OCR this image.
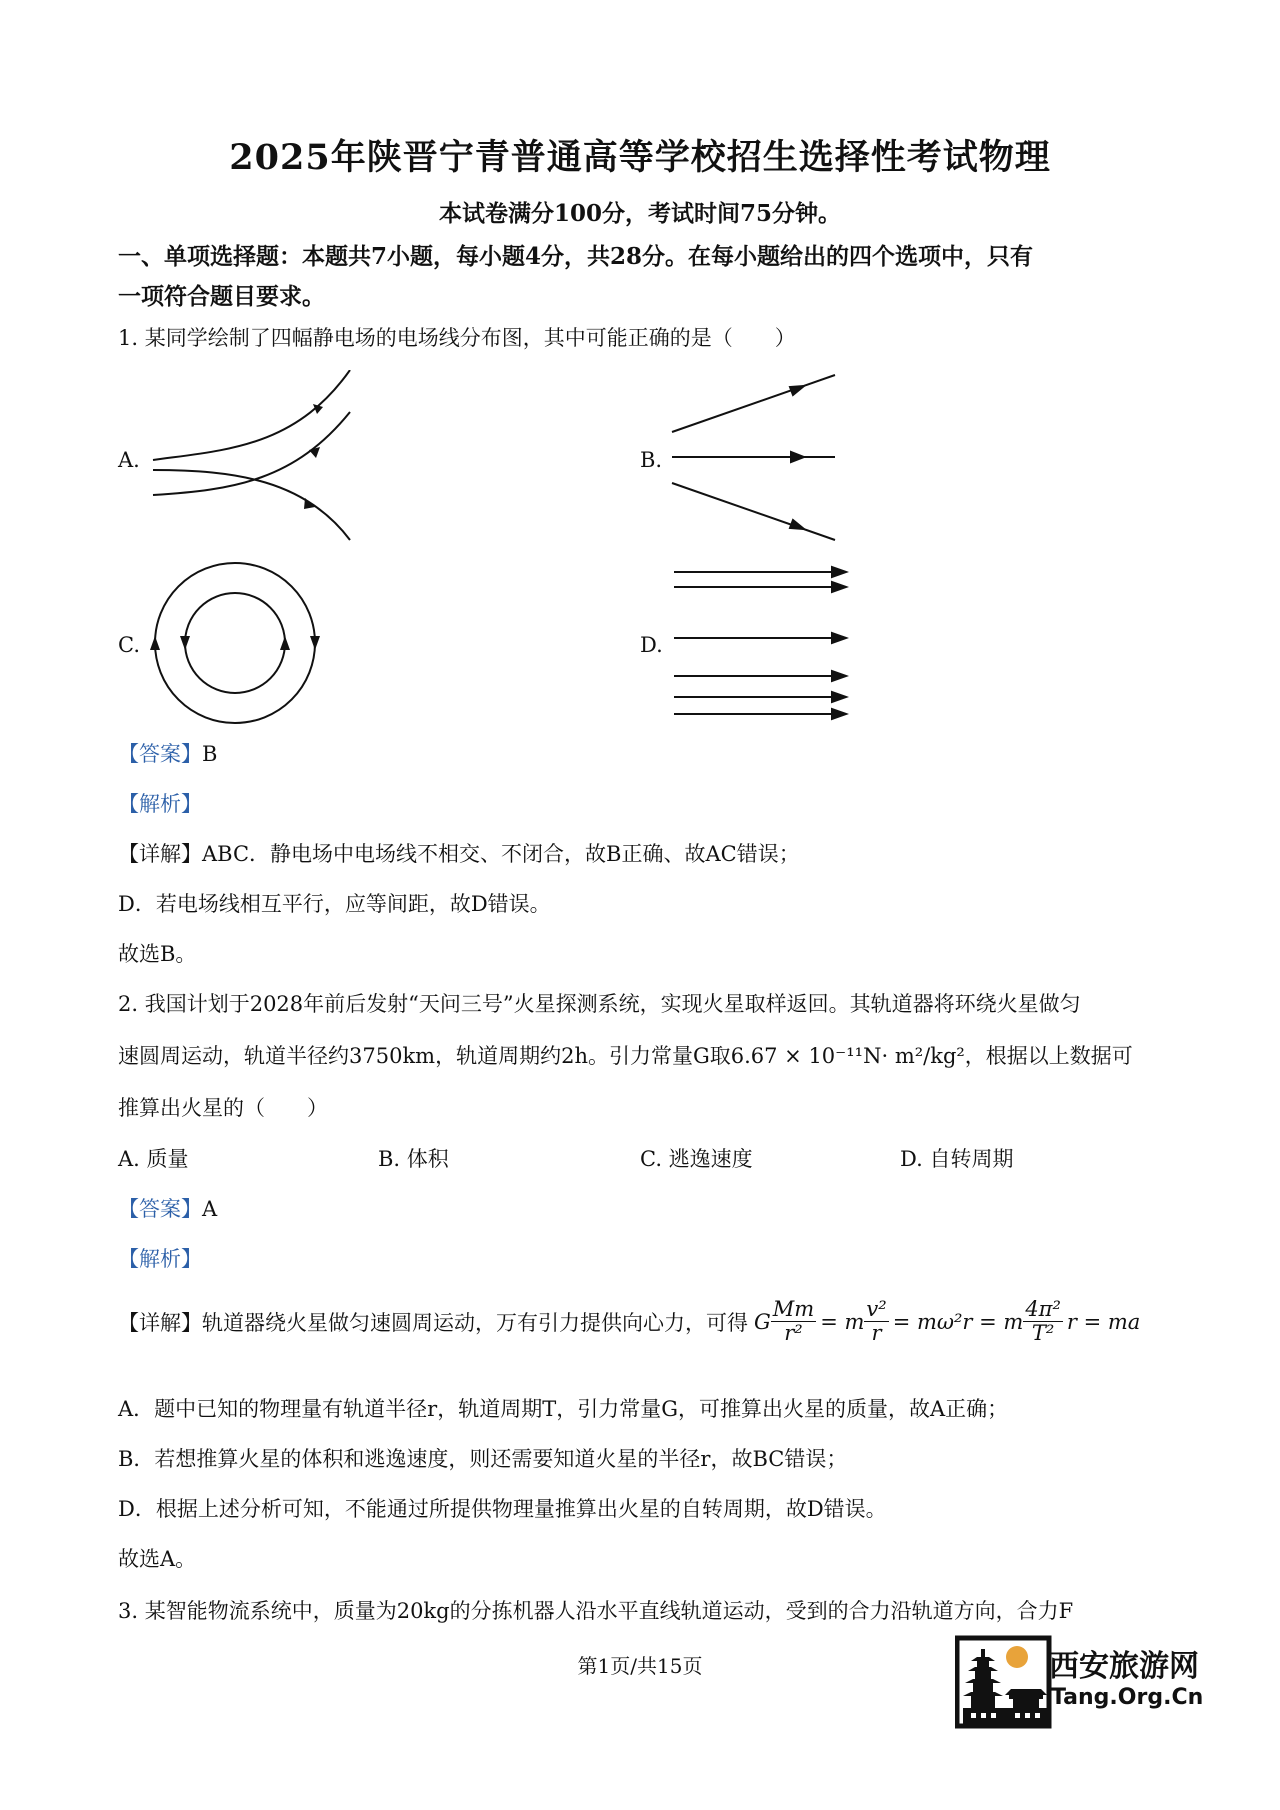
2025年陕晋宁青普通高等学校招生选择性考试物理
本试卷满分100分，考试时间75分钟。
一、单项选择题：本题共7小题，每小题4分，共28分。在每小题给出的四个选项中，只有
一项符合题目要求。
1. 某同学绘制了四幅静电场的电场线分布图，其中可能正确的是（　　）
A.	B.
C.	D.
【答案】B
【解析】
【详解】ABC．静电场中电场线不相交、不闭合，故B正确、故AC错误；
D．若电场线相互平行，应等间距，故D错误。
故选B。
2. 我国计划于2028年前后发射“天问三号”火星探测系统，实现火星取样返回。其轨道器将环绕火星做匀
速圆周运动，轨道半径约3750km，轨道周期约2h。引力常量G取6.67 × 10⁻¹¹N· m²/kg²，根据以上数据可
推算出火星的（　　）
A. 质量	B. 体积	C. 逃逸速度	D. 自转周期
【答案】A
【解析】
【详解】 轨道器绕火星做匀速圆周运动，万有引力提供向心力，可得 G $\frac{Mm}{\text{r²}} = m \frac{\text{v²}}{r} = m\omega^2r = m$
4π²
T² r = ma
A．题中已知的物理量有轨道半径r，轨道周期T，引力常量G，可推算出火星的质量，故A正确；
B．若想推算火星的体积和逃逸速度，则还需要知道火星的半径r，故BC错误；
D．根据上述分析可知，不能通过所提供物理量推算出火星的自转周期，故D错误。
故选A。
3. 某智能物流系统中，质量为20kg的分拣机器人沿水平直线轨道运动，受到的合力沿轨道方向，合力F
第1页/共15页	西安旅游网
Tang.Org.Cn
